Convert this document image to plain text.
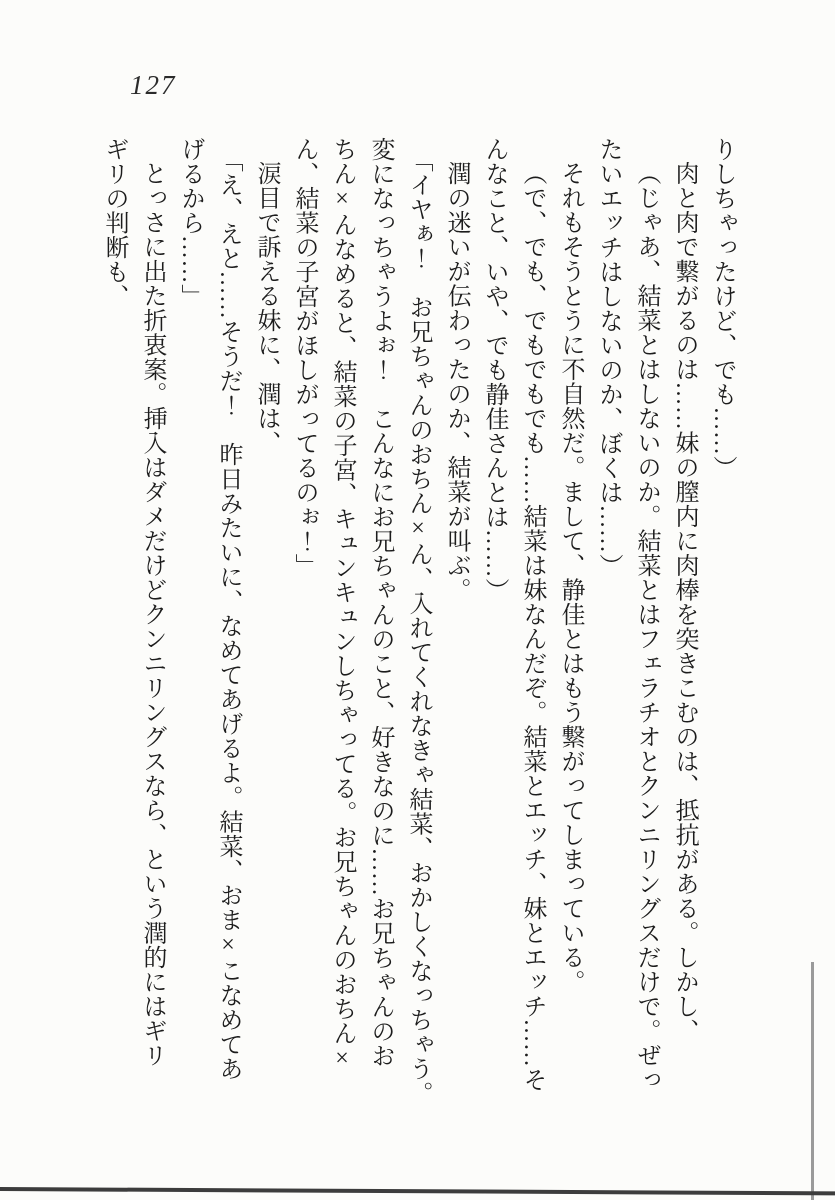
127
りしちゃったけど、でも……）
肉と肉で繋がるのは……妹の膣内に肉棒を突きこむのは、抵抗がある。しかし、
（じゃあ、結菜とはしないのか。結菜とはフェラチオとクンニリングスだけで。ぜっ
たいエッチはしないのか、ぼくは……）
それもそうとうに不自然だ。まして、静佳とはもう繋がってしまっている。
（で、でも、でもでもでも……結菜は妹なんだぞ。結菜とエッチ、妹とエッチ……そ
んなこと、いや、でも静佳さんとは……）
潤の迷いが伝わったのか、結菜が叫ぶ。
「イヤぁ！　お兄ちゃんのおちん×ん、入れてくれなきゃ結菜、おかしくなっちゃう。
変になっちゃうよぉ！　こんなにお兄ちゃんのこと、好きなのに……お兄ちゃんのお
ちん×んなめると、結菜の子宮、キュンキュンしちゃってる。お兄ちゃんのおちん×
ん、結菜の子宮がほしがってるのぉ！」
涙目で訴える妹に、潤は、
「え、えと……そうだ！　昨日みたいに、なめてあげるよ。結菜、おま×こなめてあ
げるから……」
とっさに出た折衷案。挿入はダメだけどクンニリングスなら、という潤的にはギリ
ギリの判断も、
